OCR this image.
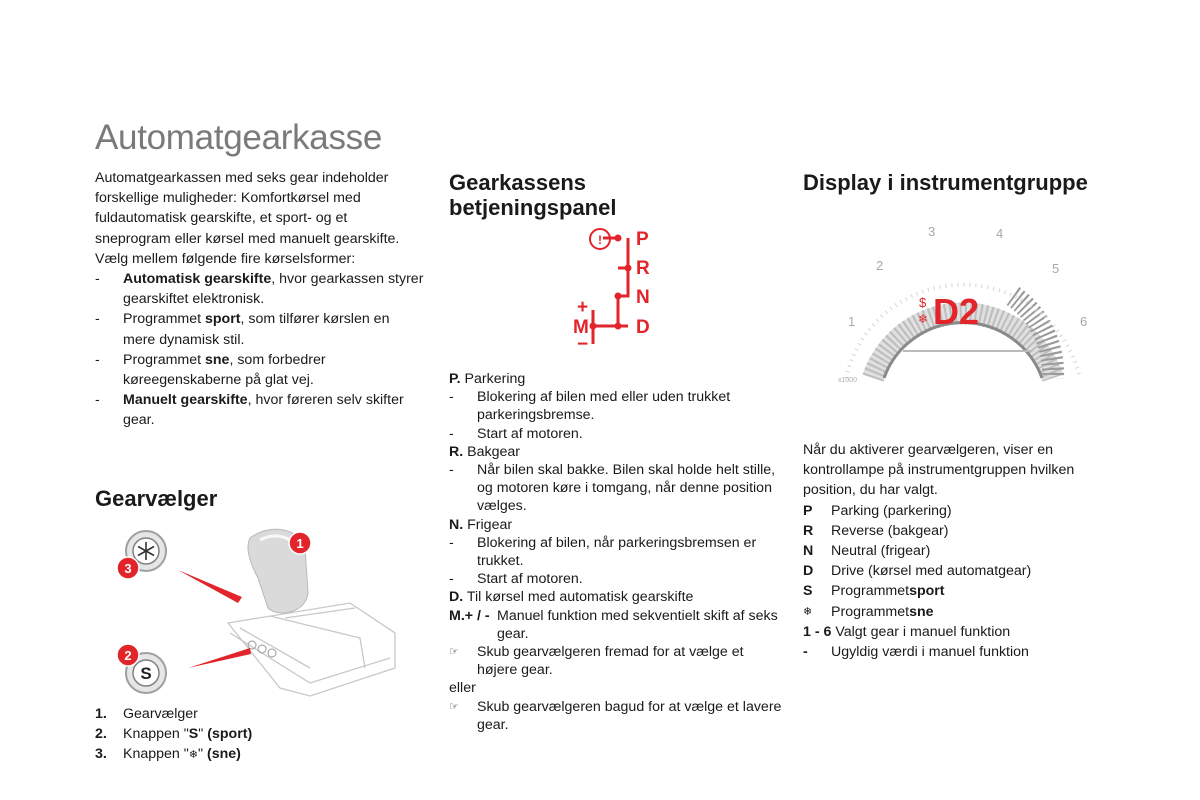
Automatgearkasse

Automatgearkassen med seks gear indeholder forskellige muligheder: Komfortkørsel med fuldautomatisk gearskifte, et sport- og et sneprogram eller kørsel med manuelt gearskifte.

Vælg mellem følgende fire kørselsformer:

- Automatisk gearskifte, hvor gearkassen styrer gearskiftet elektronisk.
- Programmet sport, som tilfører kørslen en mere dynamisk stil.
- Programmet sne, som forbedrer køreegenskaberne på glat vej.
- Manuelt gearskifte, hvor føreren selv skifter gear.
Gearvælger
S
1
2
3
1.	Gearvælger
2.	Knappen "S" (sport)
3.	Knappen "❄" (sne)
Gearkassens betjeningspanel
! P
R
N
D
M
+
−

P. Parkering

- Blokering af bilen med eller uden trukket parkeringsbremse.
- Start af motoren.

R. Bakgear

- Når bilen skal bakke. Bilen skal holde helt stille, og motoren køre i tomgang, når denne position vælges.

N. Frigear

- Blokering af bilen, når parkeringsbremsen er trukket.
- Start af motoren.

D. Til kørsel med automatisk gearskifte

M.+ / - Manuel funktion med sekventielt skift af seks gear.
☞ Skub gearvælgeren fremad for at vælge et højere gear.

eller

☞ Skub gearvælgeren bagud for at vælge et lavere gear.
Display i instrumentgruppe
1
2
3	4
5
6
x1000
$
❄ D2

Når du aktiverer gearvælgeren, viser en kontrollampe på instrumentgruppen hvilken position, du har valgt.

P	Parking (parkering)
R	Reverse (bakgear)
N	Neutral (frigear)
D	Drive (kørsel med automatgear)
S	Programmet sport
❄	Programmet sne

1 - 6 Valgt gear i manuel funktion

-	Ugyldig værdi i manuel funktion
